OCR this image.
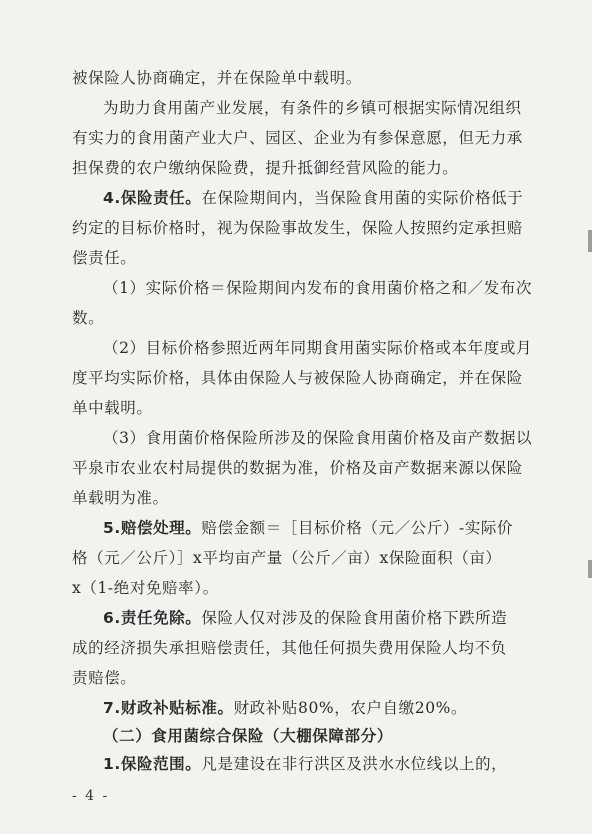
被保险人协商确定，并在保险单中载明。
为助力食用菌产业发展，有条件的乡镇可根据实际情况组织
有实力的食用菌产业大户、园区、企业为有参保意愿，但无力承
担保费的农户缴纳保险费，提升抵御经营风险的能力。
4.保险责任。在保险期间内，当保险食用菌的实际价格低于
约定的目标价格时，视为保险事故发生，保险人按照约定承担赔
偿责任。
（1）实际价格＝保险期间内发布的食用菌价格之和／发布次
数。
（2）目标价格参照近两年同期食用菌实际价格或本年度或月
度平均实际价格，具体由保险人与被保险人协商确定，并在保险
单中载明。
（3）食用菌价格保险所涉及的保险食用菌价格及亩产数据以
平泉市农业农村局提供的数据为准，价格及亩产数据来源以保险
单载明为准。
5.赔偿处理。赔偿金额＝［目标价格（元／公斤）-实际价
格（元／公斤）］x平均亩产量（公斤／亩）x保险面积（亩）
x（1-绝对免赔率）。
6.责任免除。保险人仅对涉及的保险食用菌价格下跌所造
成的经济损失承担赔偿责任，其他任何损失费用保险人均不负
责赔偿。
7.财政补贴标准。财政补贴80%，农户自缴20%。
（二）食用菌综合保险（大棚保障部分）
1.保险范围。凡是建设在非行洪区及洪水水位线以上的，
- 4 -
